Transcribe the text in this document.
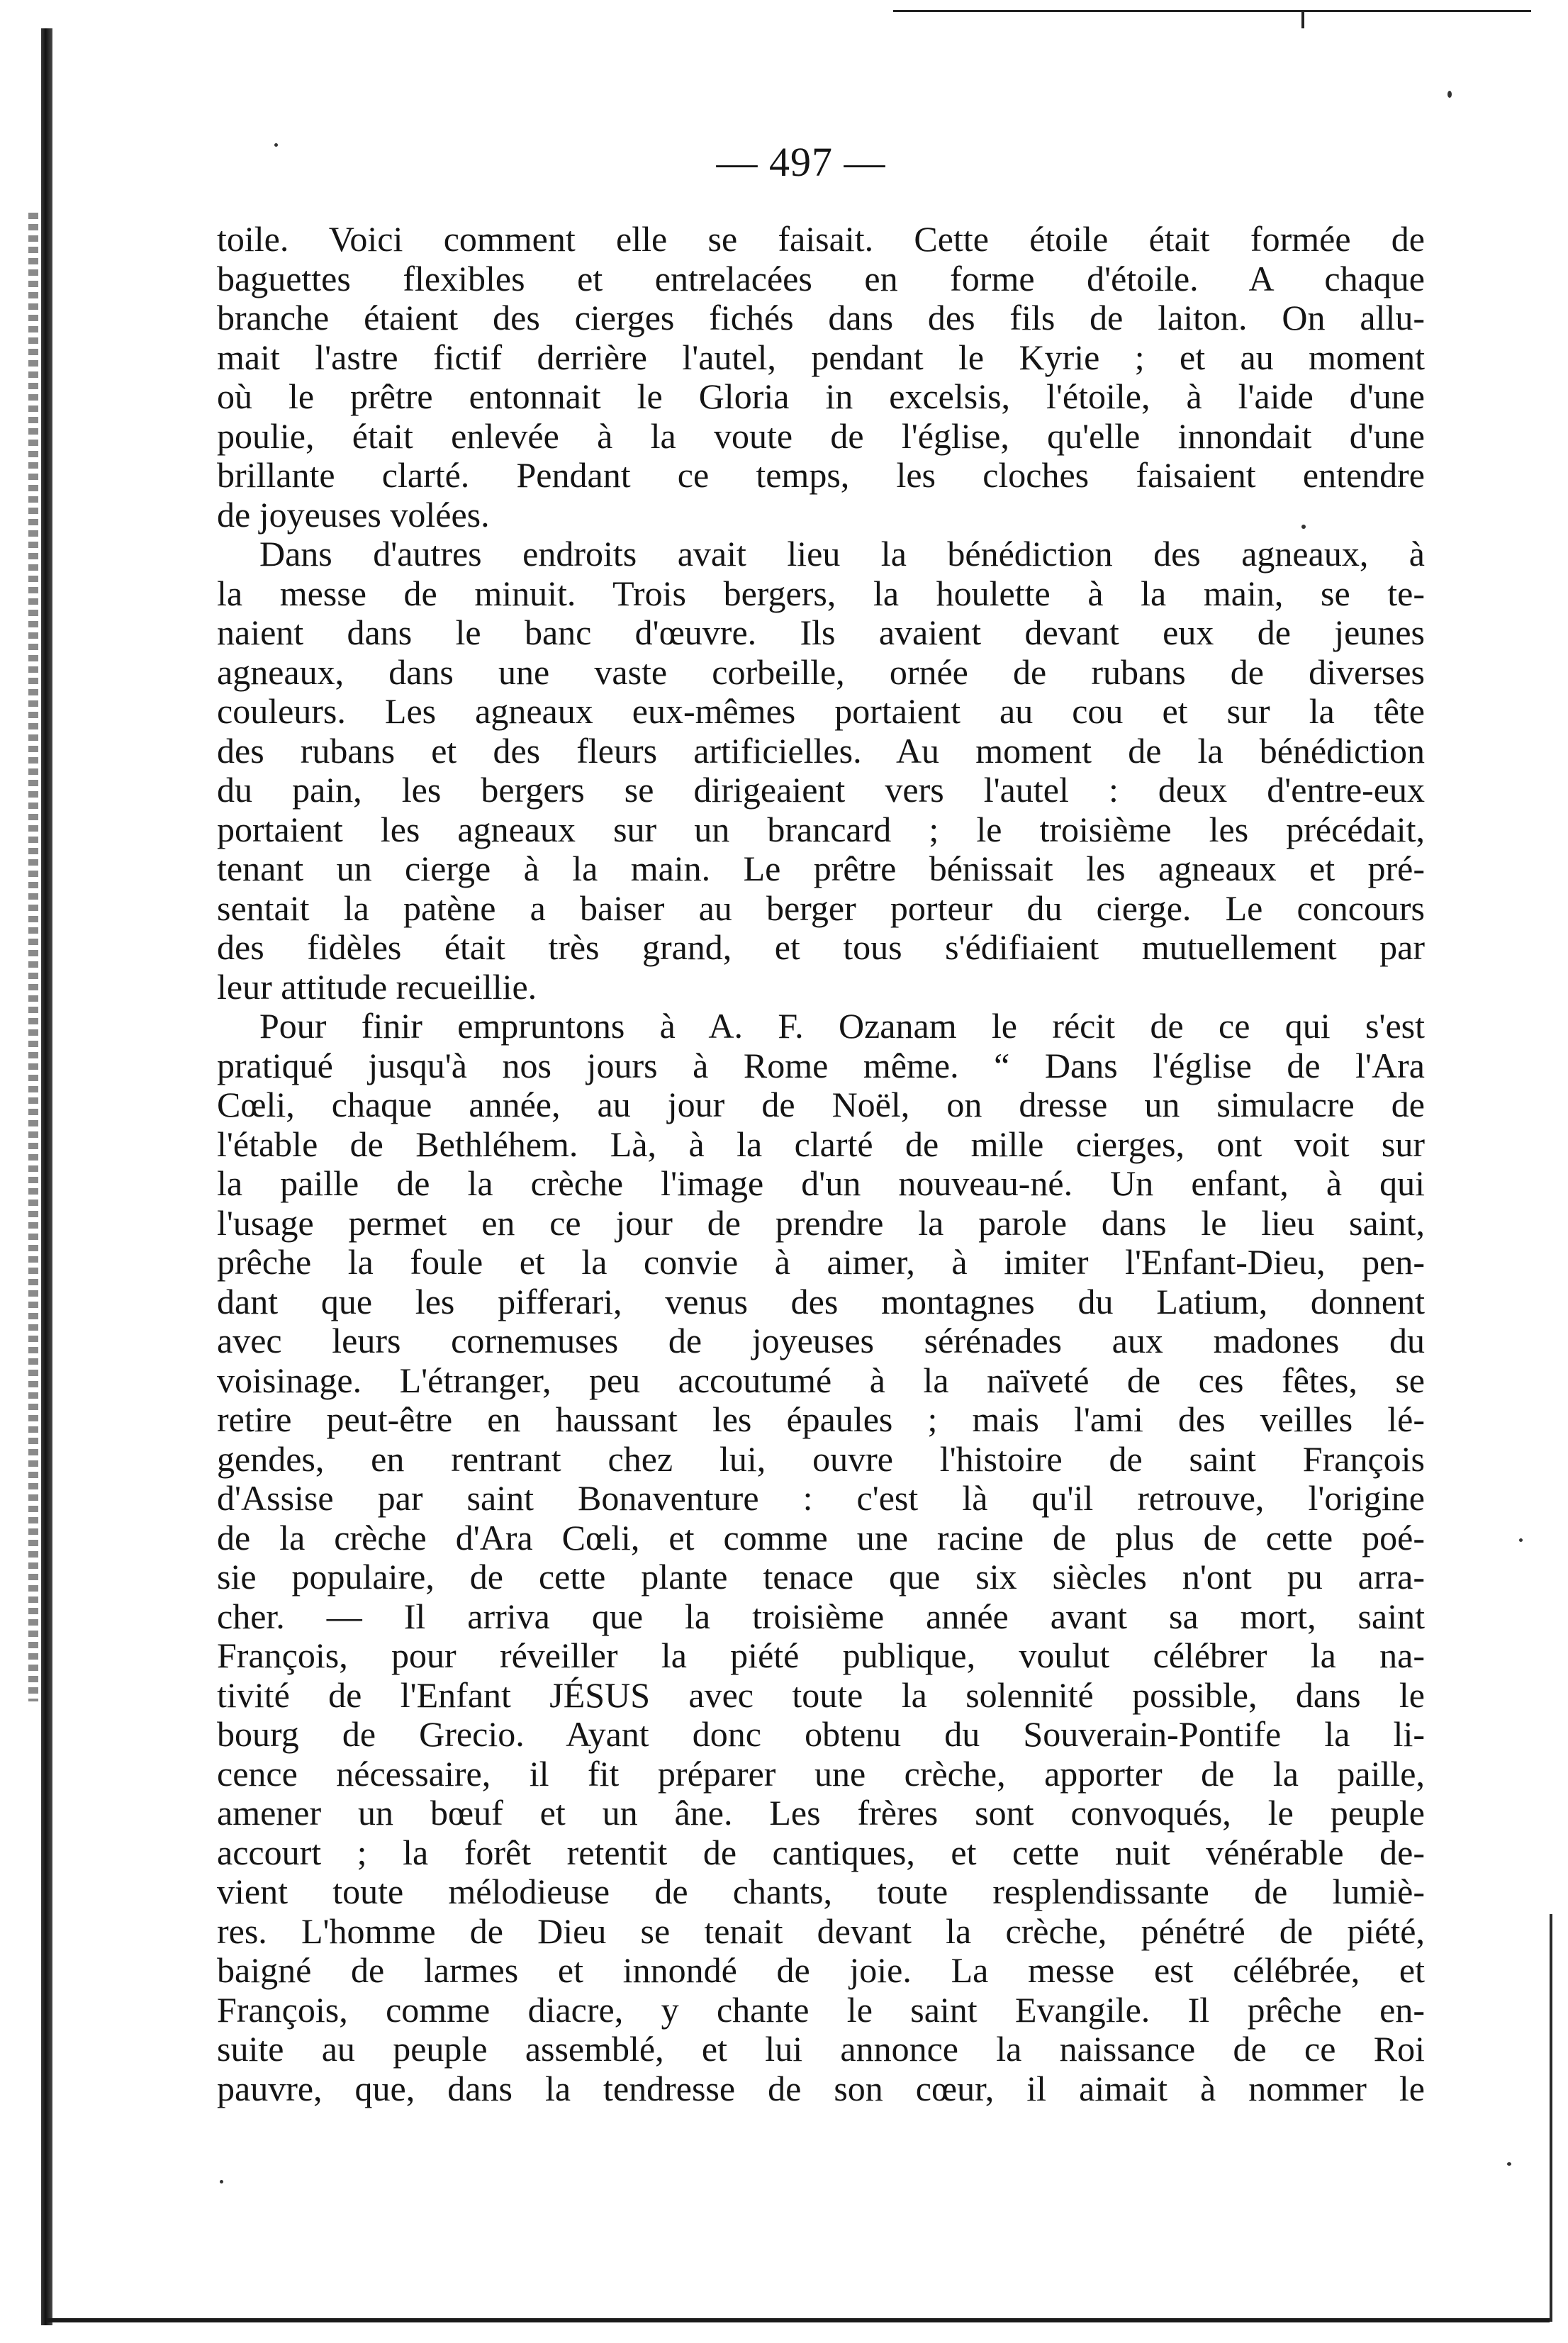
— 497 —
toile. Voici comment elle se faisait. Cette étoile était formée de
baguettes flexibles et entrelacées en forme d'étoile. A chaque
branche étaient des cierges fichés dans des fils de laiton. On allu-
mait l'astre fictif derrière l'autel, pendant le Kyrie ; et au moment
où le prêtre entonnait le Gloria in excelsis, l'étoile, à l'aide d'une
poulie, était enlevée à la voute de l'église, qu'elle innondait d'une
brillante clarté. Pendant ce temps, les cloches faisaient entendre
de joyeuses volées.
Dans d'autres endroits avait lieu la bénédiction des agneaux, à
la messe de minuit. Trois bergers, la houlette à la main, se te-
naient dans le banc d'œuvre. Ils avaient devant eux de jeunes
agneaux, dans une vaste corbeille, ornée de rubans de diverses
couleurs. Les agneaux eux-mêmes portaient au cou et sur la tête
des rubans et des fleurs artificielles. Au moment de la bénédiction
du pain, les bergers se dirigeaient vers l'autel : deux d'entre-eux
portaient les agneaux sur un brancard ; le troisième les précédait,
tenant un cierge à la main. Le prêtre bénissait les agneaux et pré-
sentait la patène a baiser au berger porteur du cierge. Le concours
des fidèles était très grand, et tous s'édifiaient mutuellement par
leur attitude recueillie.
Pour finir empruntons à A. F. Ozanam le récit de ce qui s'est
pratiqué jusqu'à nos jours à Rome même. “ Dans l'église de l'Ara
Cœli, chaque année, au jour de Noël, on dresse un simulacre de
l'étable de Bethléhem. Là, à la clarté de mille cierges, ont voit sur
la paille de la crèche l'image d'un nouveau-né. Un enfant, à qui
l'usage permet en ce jour de prendre la parole dans le lieu saint,
prêche la foule et la convie à aimer, à imiter l'Enfant-Dieu, pen-
dant que les pifferari, venus des montagnes du Latium, donnent
avec leurs cornemuses de joyeuses sérénades aux madones du
voisinage. L'étranger, peu accoutumé à la naïveté de ces fêtes, se
retire peut-être en haussant les épaules ; mais l'ami des veilles lé-
gendes, en rentrant chez lui, ouvre l'histoire de saint François
d'Assise par saint Bonaventure : c'est là qu'il retrouve, l'origine
de la crèche d'Ara Cœli, et comme une racine de plus de cette poé-
sie populaire, de cette plante tenace que six siècles n'ont pu arra-
cher. — Il arriva que la troisième année avant sa mort, saint
François, pour réveiller la piété publique, voulut célébrer la na-
tivité de l'Enfant JÉSUS avec toute la solennité possible, dans le
bourg de Grecio. Ayant donc obtenu du Souverain-Pontife la li-
cence nécessaire, il fit préparer une crèche, apporter de la paille,
amener un bœuf et un âne. Les frères sont convoqués, le peuple
accourt ; la forêt retentit de cantiques, et cette nuit vénérable de-
vient toute mélodieuse de chants, toute resplendissante de lumiè-
res. L'homme de Dieu se tenait devant la crèche, pénétré de piété,
baigné de larmes et innondé de joie. La messe est célébrée, et
François, comme diacre, y chante le saint Evangile. Il prêche en-
suite au peuple assemblé, et lui annonce la naissance de ce Roi
pauvre, que, dans la tendresse de son cœur, il aimait à nommer le
